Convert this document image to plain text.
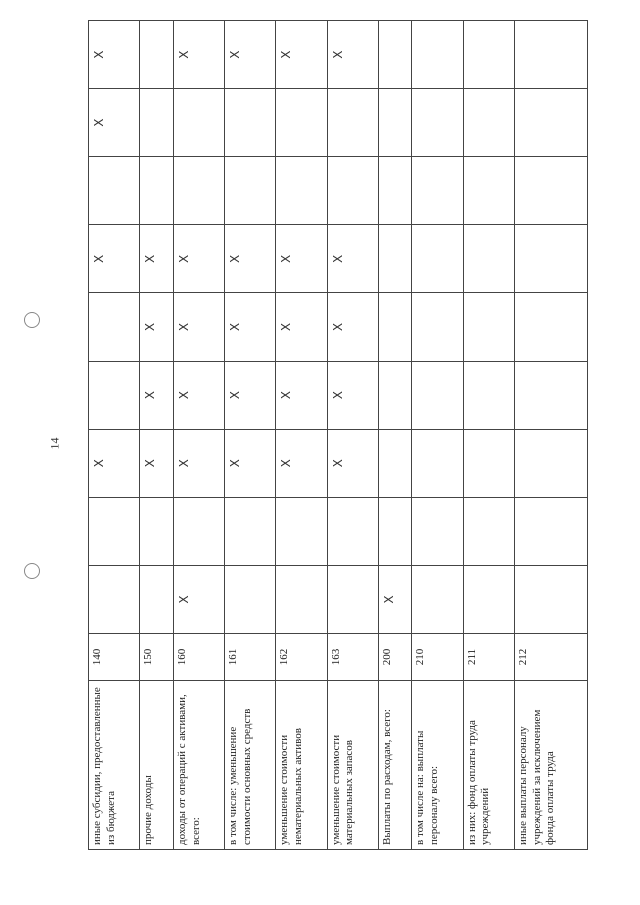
14
иные субсидии, предоставленные из бюджета	140			X			X		X	X
прочие доходы	150			X	X	X	X			
доходы от операций с активами, всего:	160	X		X	X	X	X			X
в том числе: уменьшение стоимости основных средств	161			X	X	X	X			X
уменьшение стоимости нематериальных активов	162			X	X	X	X			X
уменьшение стоимости материальных запасов	163			X	X	X	X			X
Выплаты по расходам, всего:	200	X								
в том числе на: выплаты персоналу всего:	210									
из них: фонд оплаты труда учреждений	211									
иные выплаты персоналу учреждений за исключением фонда оплаты труда	212									
